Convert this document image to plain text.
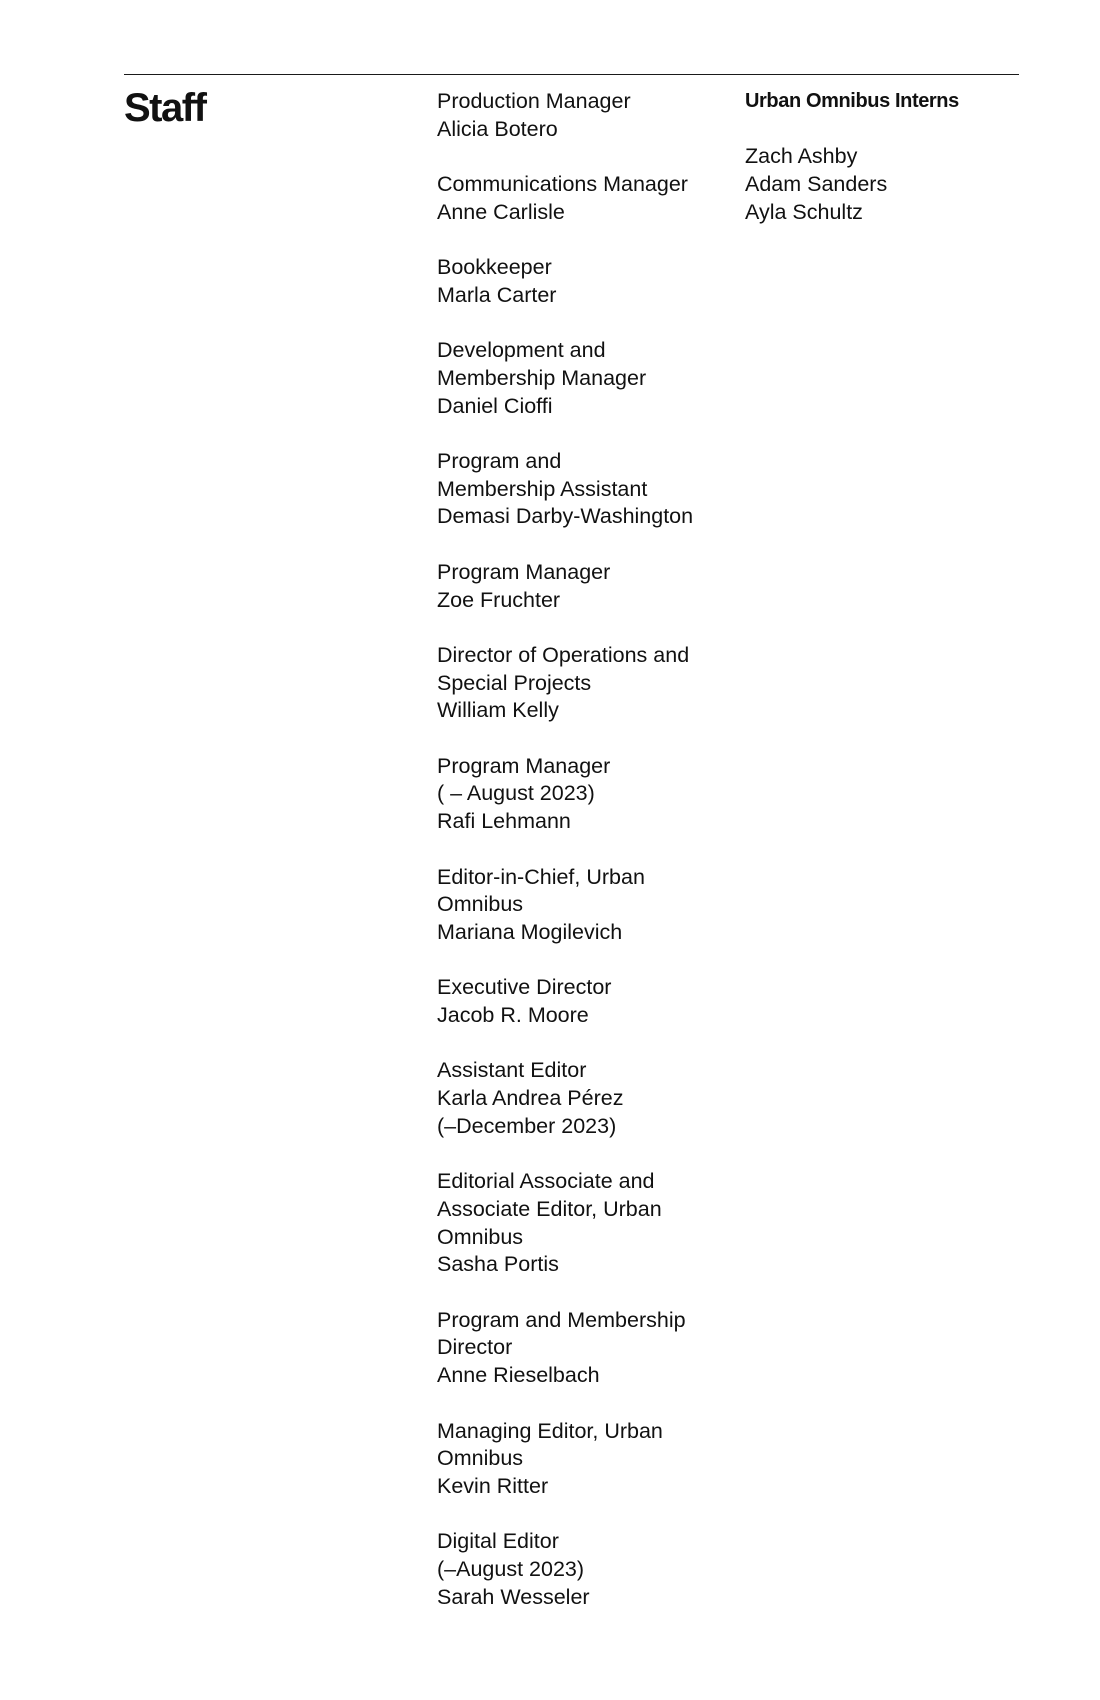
Staff	Production Manager
Alicia Botero
Communications Manager
Anne Carlisle
Bookkeeper
Marla Carter
Development and
Membership Manager
Daniel Cioffi
Program and
Membership Assistant
Demasi Darby-Washington
Program Manager
Zoe Fruchter
Director of Operations and
Special Projects
William Kelly
Program Manager
( – August 2023)
Rafi Lehmann
Editor-in-Chief, Urban
Omnibus
Mariana Mogilevich
Executive Director
Jacob R. Moore
Assistant Editor
Karla Andrea Pérez
(–December 2023)
Editorial Associate and
Associate Editor, Urban
Omnibus
Sasha Portis
Program and Membership
Director
Anne Rieselbach
Managing Editor, Urban
Omnibus
Kevin Ritter
Digital Editor
(–August 2023)
Sarah Wesseler
Urban Omnibus Interns
Zach Ashby
Adam Sanders
Ayla Schultz
